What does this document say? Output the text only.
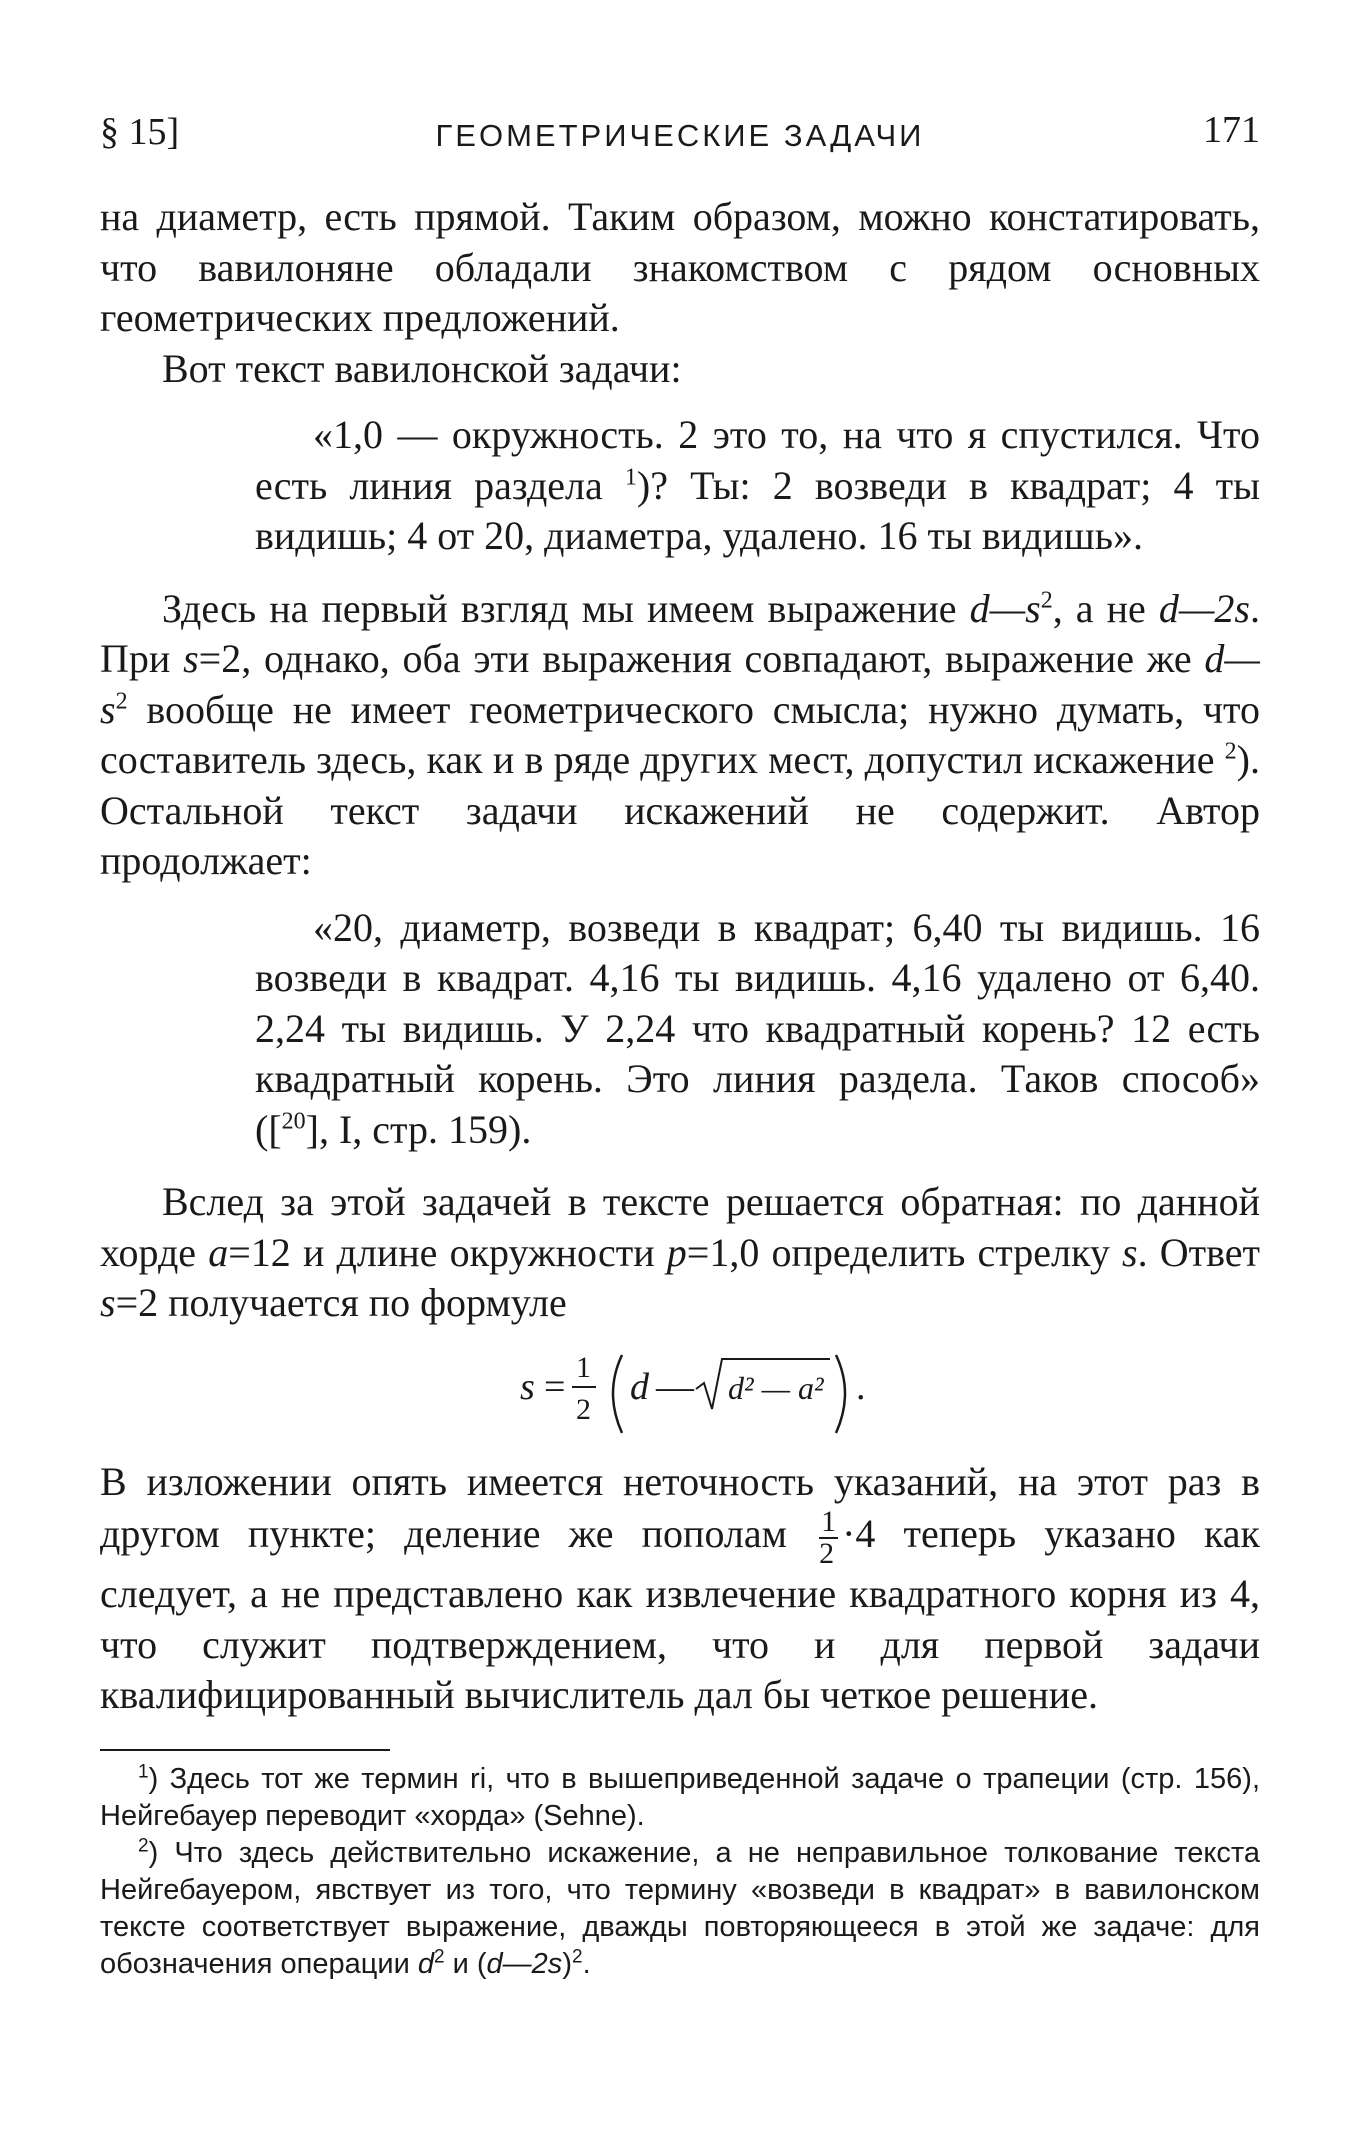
§ 15]	ГЕОМЕТРИЧЕСКИЕ ЗАДАЧИ	171

на диаметр, есть прямой. Таким образом, можно констатировать, что вавилоняне обладали знакомством с рядом основных геометрических предложений.

Вот текст вавилонской задачи:

«1,0 — окружность. 2 это то, на что я спустился. Что есть линия раздела $^1$)? Ты: 2 возведи в квадрат; 4 ты видишь; 4 от 20, диаметра, удалено. 16 ты видишь».

Здесь на первый взгляд мы имеем выражение $d—s^2$, а не d—2s. При s=2, однако, оба эти выражения совпадают, выражение же $d—s^2$ вообще не имеет геометрического смысла; нужно думать, что составитель здесь, как и в ряде других мест, допустил искажение $^2$). Остальной текст задачи искажений не содержит. Автор продолжает:

«20, диаметр, возведи в квадрат; 6,40 ты видишь. 16 возведи в квадрат. 4,16 ты видишь. 4,16 удалено от 6,40. 2,24 ты видишь. У 2,24 что квадратный корень? 12 есть квадратный корень. Это линия раздела. Таков способ» ([$^{20}$], I, стр. 159).

Вслед за этой задачей в тексте решается обратная: по данной хорде a=12 и длине окружности p=1,0 определить стрелку s. Ответ s=2 получается по формуле

s = 1
2
d — d² — a² .

В изложении опять имеется неточность указаний, на этот раз в другом пункте; деление же пополам $\frac{1}{2} \cdot 4$ теперь указано как следует, а не представлено как извлечение квадратного корня из 4, что служит подтверждением, что и для первой задачи квалифицированный вычислитель дал бы четкое решение.

$^1$) Здесь тот же термин ri, что в вышеприведенной задаче о трапеции (стр. 156), Нейгебауер переводит «хорда» (Sehne).

$^2$) Что здесь действительно искажение, а не неправильное толкование текста Нейгебауером, явствует из того, что термину «возведи в квадрат» в вавилонском тексте соответствует выражение, дважды повторяющееся в этой же задаче: для обозначения операции $d^2$ и (d—2s)$^2$.
